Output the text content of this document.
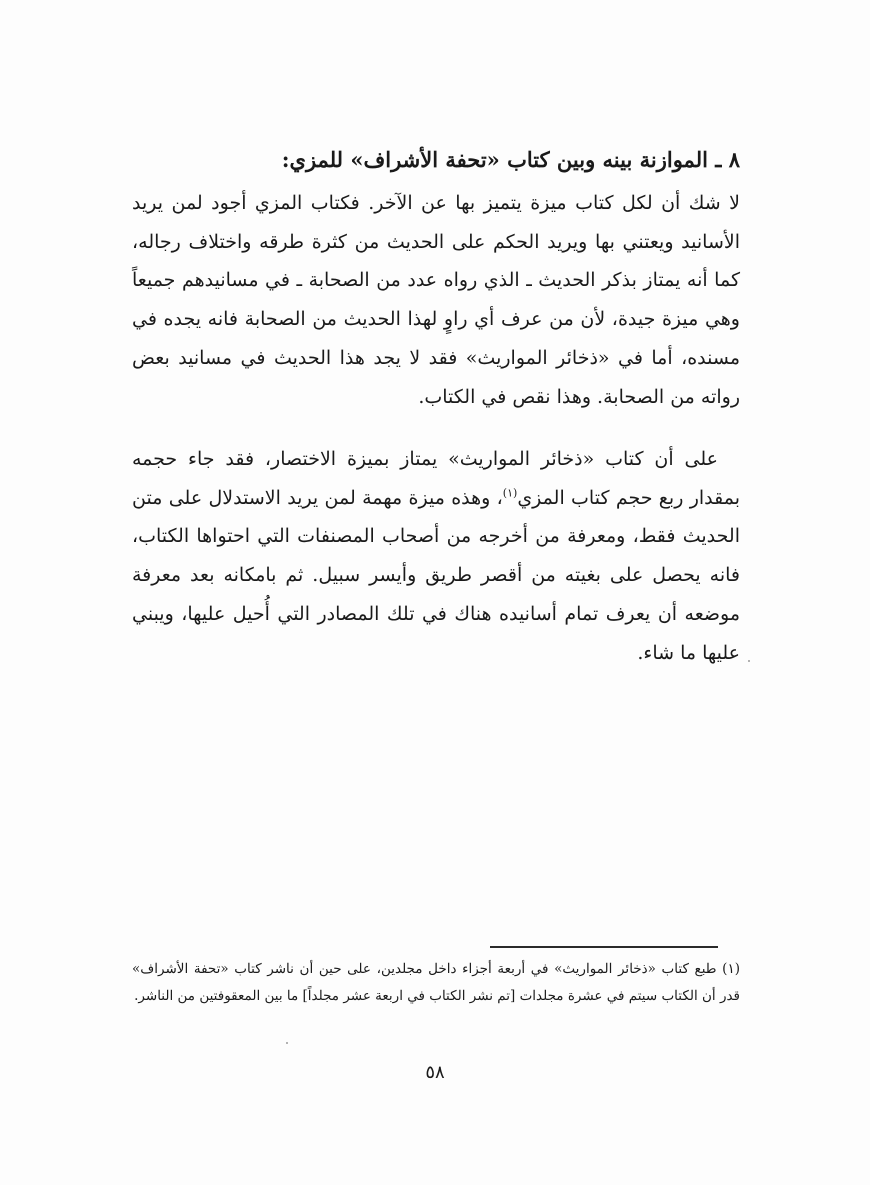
٨ ـ الموازنة بينه وبين كتاب «تحفة الأشراف» للمزي:
لا شك أن لكل كتاب ميزة يتميز بها عن الآخر. فكتاب المزي أجود لمن يريد الأسانيد ويعتني بها ويريد الحكم على الحديث من كثرة طرقه واختلاف رجاله، كما أنه يمتاز بذكر الحديث ـ الذي رواه عدد من الصحابة ـ في مسانيدهم جميعاً وهي ميزة جيدة، لأن من عرف أي راوٍ لهذا الحديث من الصحابة فانه يجده في مسنده، أما في «ذخائر المواريث» فقد لا يجد هذا الحديث في مسانيد بعض رواته من الصحابة. وهذا نقص في الكتاب.
على أن كتاب «ذخائر المواريث» يمتاز بميزة الاختصار، فقد جاء حجمه بمقدار ربع حجم كتاب المزي$^{(١)}$، وهذه ميزة مهمة لمن يريد الاستدلال على متن الحديث فقط، ومعرفة من أخرجه من أصحاب المصنفات التي احتواها الكتاب، فانه يحصل على بغيته من أقصر طريق وأيسر سبيل. ثم بامكانه بعد معرفة موضعه أن يعرف تمام أسانيده هناك في تلك المصادر التي أُحيل عليها، ويبني عليها ما شاء.
(١) طبع كتاب «ذخائر المواريث» في أربعة أجزاء داخل مجلدين، على حين أن ناشر كتاب «تحفة الأشراف» قدر أن الكتاب سيتم في عشرة مجلدات [تم نشر الكتاب في اربعة عشر مجلداً] ما بين المعقوفتين من الناشر.
٥٨
